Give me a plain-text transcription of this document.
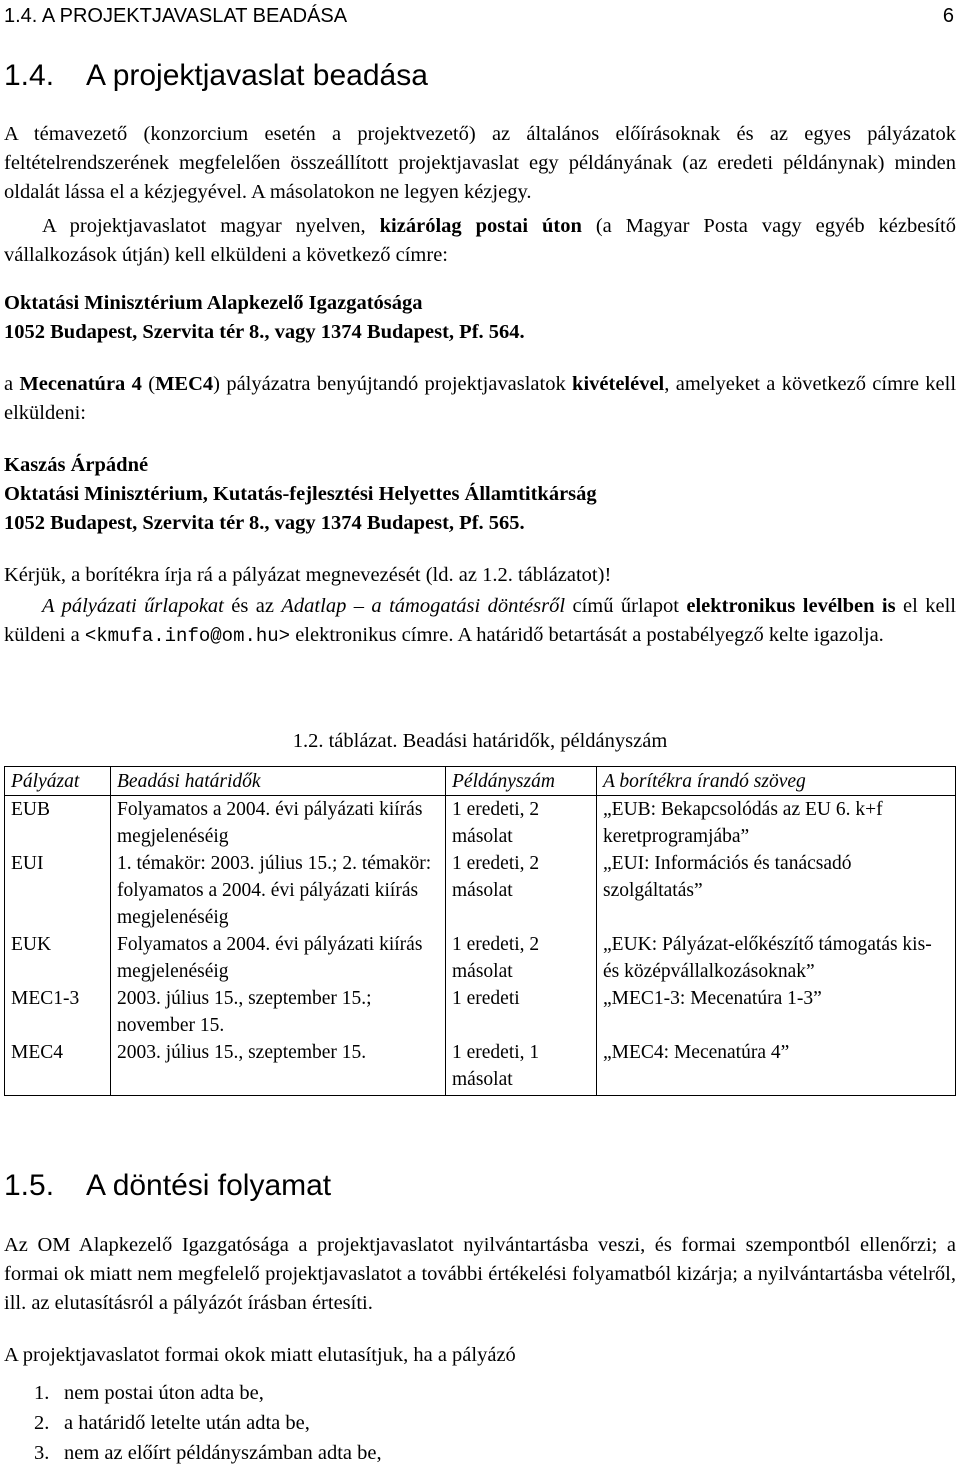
1.4. A PROJEKTJAVASLAT BEADÁSA	6
1.4. A projektjavaslat beadása

A témavezető (konzorcium esetén a projektvezető) az általános előírásoknak és az egyes pályázatok feltételrendszerének megfelelően összeállított projektjavaslat egy példányának (az eredeti példánynak) minden oldalát lássa el a kézjegyével. A másolatokon ne legyen kézjegy.

A projektjavaslatot magyar nyelven, kizárólag postai úton (a Magyar Posta vagy egyéb kézbesítő vállalkozások útján) kell elküldeni a következő címre:

Oktatási Minisztérium Alapkezelő Igazgatósága
1052 Budapest, Szervita tér 8., vagy 1374 Budapest, Pf. 564.

a Mecenatúra 4 (MEC4) pályázatra benyújtandó projektjavaslatok kivételével, amelyeket a következő címre kell elküldeni:

Kaszás Árpádné
Oktatási Minisztérium, Kutatás-fejlesztési Helyettes Államtitkárság
1052 Budapest, Szervita tér 8., vagy 1374 Budapest, Pf. 565.

Kérjük, a borítékra írja rá a pályázat megnevezését (ld. az 1.2. táblázatot)!

A pályázati űrlapokat és az Adatlap – a támogatási döntésről című űrlapot elektronikus levélben is el kell küldeni a <kmufa.info@om.hu> elektronikus címre. A határidő betartását a postabélyegző kelte igazolja.

1.2. táblázat. Beadási határidők, példányszám
Pályázat	Beadási határidők	Példányszám	A borítékra írandó szöveg
EUB	Folyamatos a 2004. évi pályázati kiírás megjelenéséig	1 eredeti, 2 másolat	„EUB: Bekapcsolódás az EU 6. k+f keretprogramjába”
EUI	1. témakör: 2003. július 15.; 2. témakör: folyamatos a 2004. évi pályázati kiírás megjelenéséig	1 eredeti, 2 másolat	„EUI: Információs és tanácsadó szolgáltatás”
EUK	Folyamatos a 2004. évi pályázati kiírás megjelenéséig	1 eredeti, 2 másolat	„EUK: Pályázat-előkészítő támogatás kis- és középvállalkozásoknak”
MEC1-3	2003. július 15., szeptember 15.; november 15.	1 eredeti	„MEC1-3: Mecenatúra 1-3”
MEC4	2003. július 15., szeptember 15.	1 eredeti, 1 másolat	„MEC4: Mecenatúra 4”
1.5. A döntési folyamat

Az OM Alapkezelő Igazgatósága a projektjavaslatot nyilvántartásba veszi, és formai szempontból ellenőrzi; a formai ok miatt nem megfelelő projektjavaslatot a további értékelési folyamatból kizárja; a nyilvántartásba vételről, ill. az elutasításról a pályázót írásban értesíti.

A projektjavaslatot formai okok miatt elutasítjuk, ha a pályázó

1. nem postai úton adta be,
2. a határidő letelte után adta be,
3. nem az előírt példányszámban adta be,
